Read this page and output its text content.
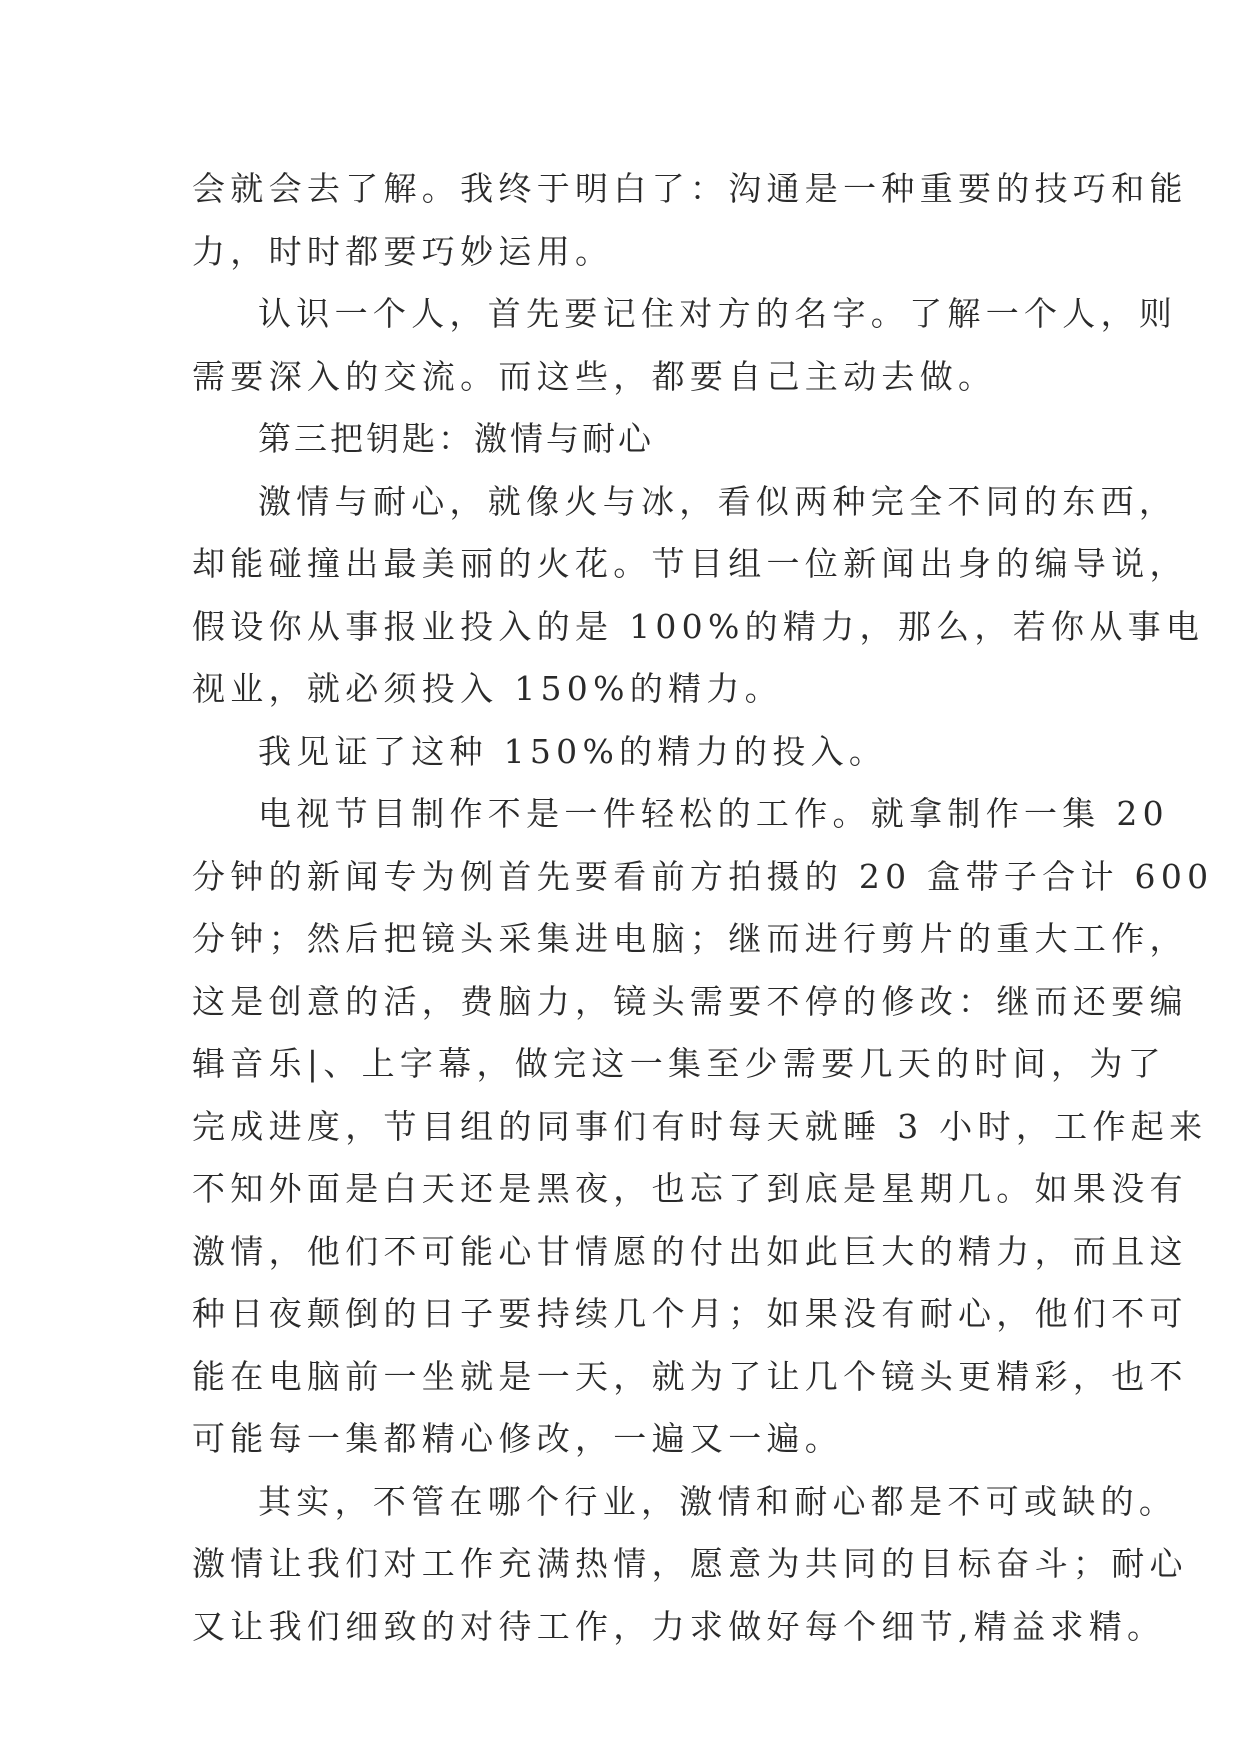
会就会去了解。我终于明白了：沟通是一种重要的技巧和能
力，时时都要巧妙运用。
认识一个人，首先要记住对方的名字。了解一个人，则
需要深入的交流。而这些，都要自己主动去做。
第三把钥匙：激情与耐心
激情与耐心，就像火与冰，看似两种完全不同的东西，
却能碰撞出最美丽的火花。节目组一位新闻出身的编导说，
假设你从事报业投入的是 100%的精力，那么，若你从事电
视业，就必须投入 150%的精力。
我见证了这种 150%的精力的投入。
电视节目制作不是一件轻松的工作。就拿制作一集 20
分钟的新闻专为例首先要看前方拍摄的 20 盒带子合计 600
分钟；然后把镜头采集进电脑；继而进行剪片的重大工作，
这是创意的活，费脑力，镜头需要不停的修改：继而还要编
辑音乐|、上字幕，做完这一集至少需要几天的时间，为了
完成进度，节目组的同事们有时每天就睡 3 小时，工作起来
不知外面是白天还是黑夜，也忘了到底是星期几。如果没有
激情，他们不可能心甘情愿的付出如此巨大的精力，而且这
种日夜颠倒的日子要持续几个月；如果没有耐心，他们不可
能在电脑前一坐就是一天，就为了让几个镜头更精彩，也不
可能每一集都精心修改，一遍又一遍。
其实，不管在哪个行业，激情和耐心都是不可或缺的。
激情让我们对工作充满热情，愿意为共同的目标奋斗；耐心
又让我们细致的对待工作，力求做好每个细节,精益求精。
